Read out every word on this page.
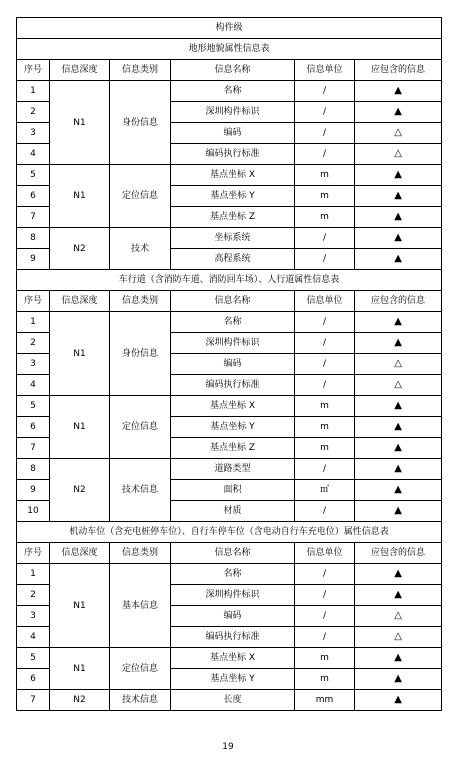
构件级					
地形地貌属性信息表					
序号	信息深度	信息类别	信息名称	信息单位	应包含的信息
1	N1	身份信息	名称	/	▲
2			深圳构件标识	/	▲
3			编码	/	△
4			编码执行标准	/	△
5	N1	定位信息	基点坐标 X	m	▲
6			基点坐标 Y	m	▲
7			基点坐标 Z	m	▲
8	N2	技术	坐标系统	/	▲
9			高程系统	/	▲
车行道（含消防车道、消防回车场）、人行道属性信息表					
序号	信息深度	信息类别	信息名称	信息单位	应包含的信息
1	N1	身份信息	名称	/	▲
2			深圳构件标识	/	▲
3			编码	/	△
4			编码执行标准	/	△
5	N1	定位信息	基点坐标 X	m	▲
6			基点坐标 Y	m	▲
7			基点坐标 Z	m	▲
8	N2	技术信息	道路类型	/	▲
9			面积	㎡	▲
10			材质	/	▲
机动车位（含充电桩停车位）、自行车停车位（含电动自行车充电位）属性信息表					
序号	信息深度	信息类别	信息名称	信息单位	应包含的信息
1	N1	基本信息	名称	/	▲
2			深圳构件标识	/	▲
3			编码	/	△
4			编码执行标准	/	△
5	N1	定位信息	基点坐标 X	m	▲
6			基点坐标 Y	m	▲
7	N2	技术信息	长度	mm	▲
19
